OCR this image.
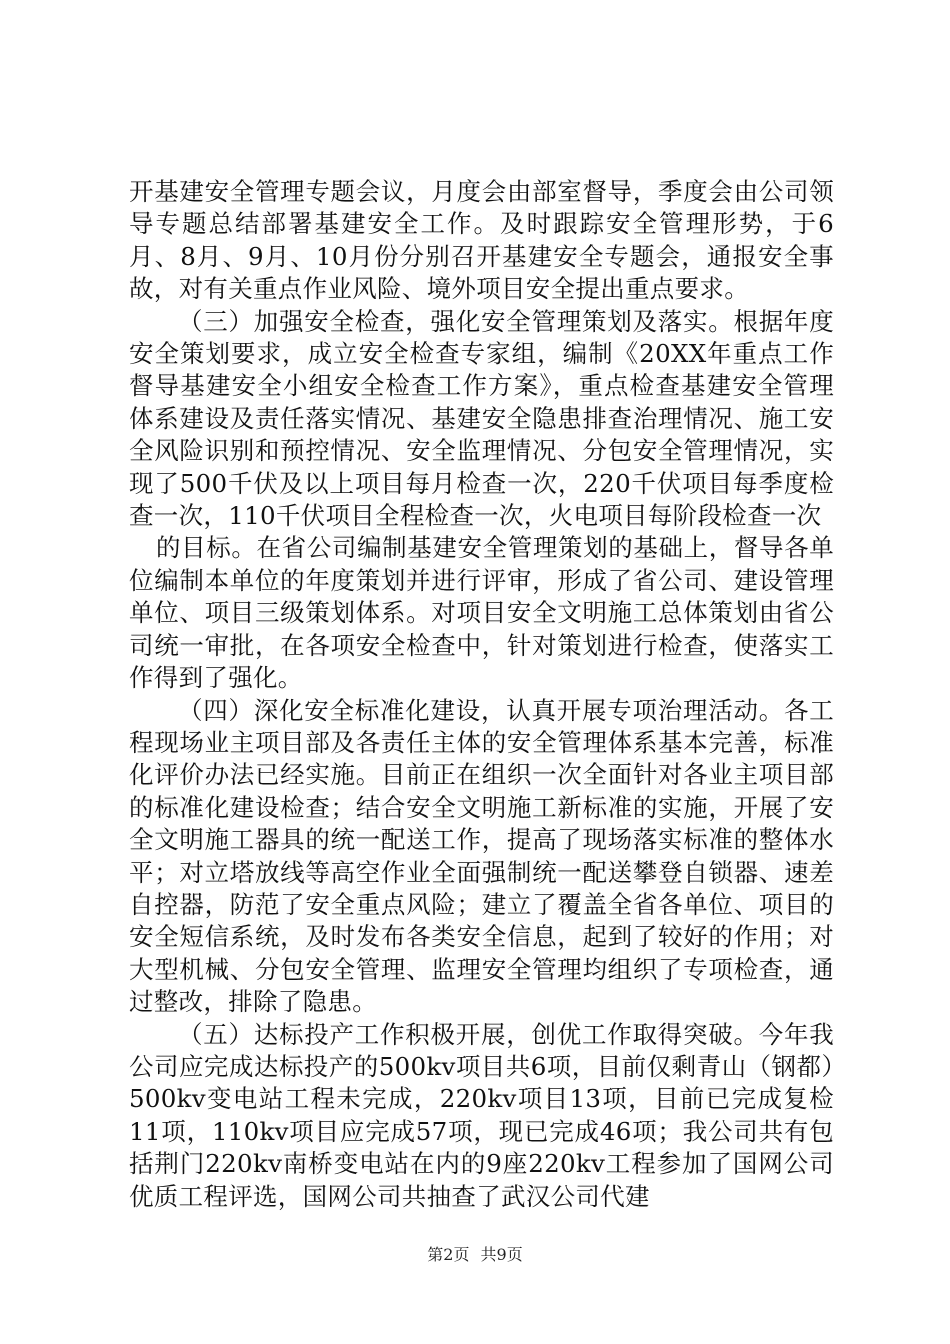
开基建安全管理专题会议，月度会由部室督导，季度会由公司领导专题总结部署基建安全工作。及时跟踪安全管理形势，于6月、8月、9月、10月份分别召开基建安全专题会，通报安全事故，对有关重点作业风险、境外项目安全提出重点要求。

（三）加强安全检查，强化安全管理策划及落实。根据年度安全策划要求，成立安全检查专家组，编制《20XX年重点工作督导基建安全小组安全检查工作方案》，重点检查基建安全管理体系建设及责任落实情况、基建安全隐患排查治理情况、施工安全风险识别和预控情况、安全监理情况、分包安全管理情况，实现了500千伏及以上项目每月检查一次，220千伏项目每季度检查一次，110千伏项目全程检查一次，火电项目每阶段检查一次

的目标。在省公司编制基建安全管理策划的基础上，督导各单位编制本单位的年度策划并进行评审，形成了省公司、建设管理单位、项目三级策划体系。对项目安全文明施工总体策划由省公司统一审批，在各项安全检查中，针对策划进行检查，使落实工作得到了强化。

（四）深化安全标准化建设，认真开展专项治理活动。各工程现场业主项目部及各责任主体的安全管理体系基本完善，标准化评价办法已经实施。目前正在组织一次全面针对各业主项目部的标准化建设检查；结合安全文明施工新标准的实施，开展了安全文明施工器具的统一配送工作，提高了现场落实标准的整体水平；对立塔放线等高空作业全面强制统一配送攀登自锁器、速差自控器，防范了安全重点风险；建立了覆盖全省各单位、项目的安全短信系统，及时发布各类安全信息，起到了较好的作用；对大型机械、分包安全管理、监理安全管理均组织了专项检查，通过整改，排除了隐患。

（五）达标投产工作积极开展，创优工作取得突破。今年我公司应完成达标投产的500kv项目共6项，目前仅剩青山（钢都）500kv变电站工程未完成，220kv项目13项，目前已完成复检11项，110kv项目应完成57项，现已完成46项；我公司共有包括荆门220kv南桥变电站在内的9座220kv工程参加了国网公司优质工程评选，国网公司共抽查了武汉公司代建

第2页 共9页
